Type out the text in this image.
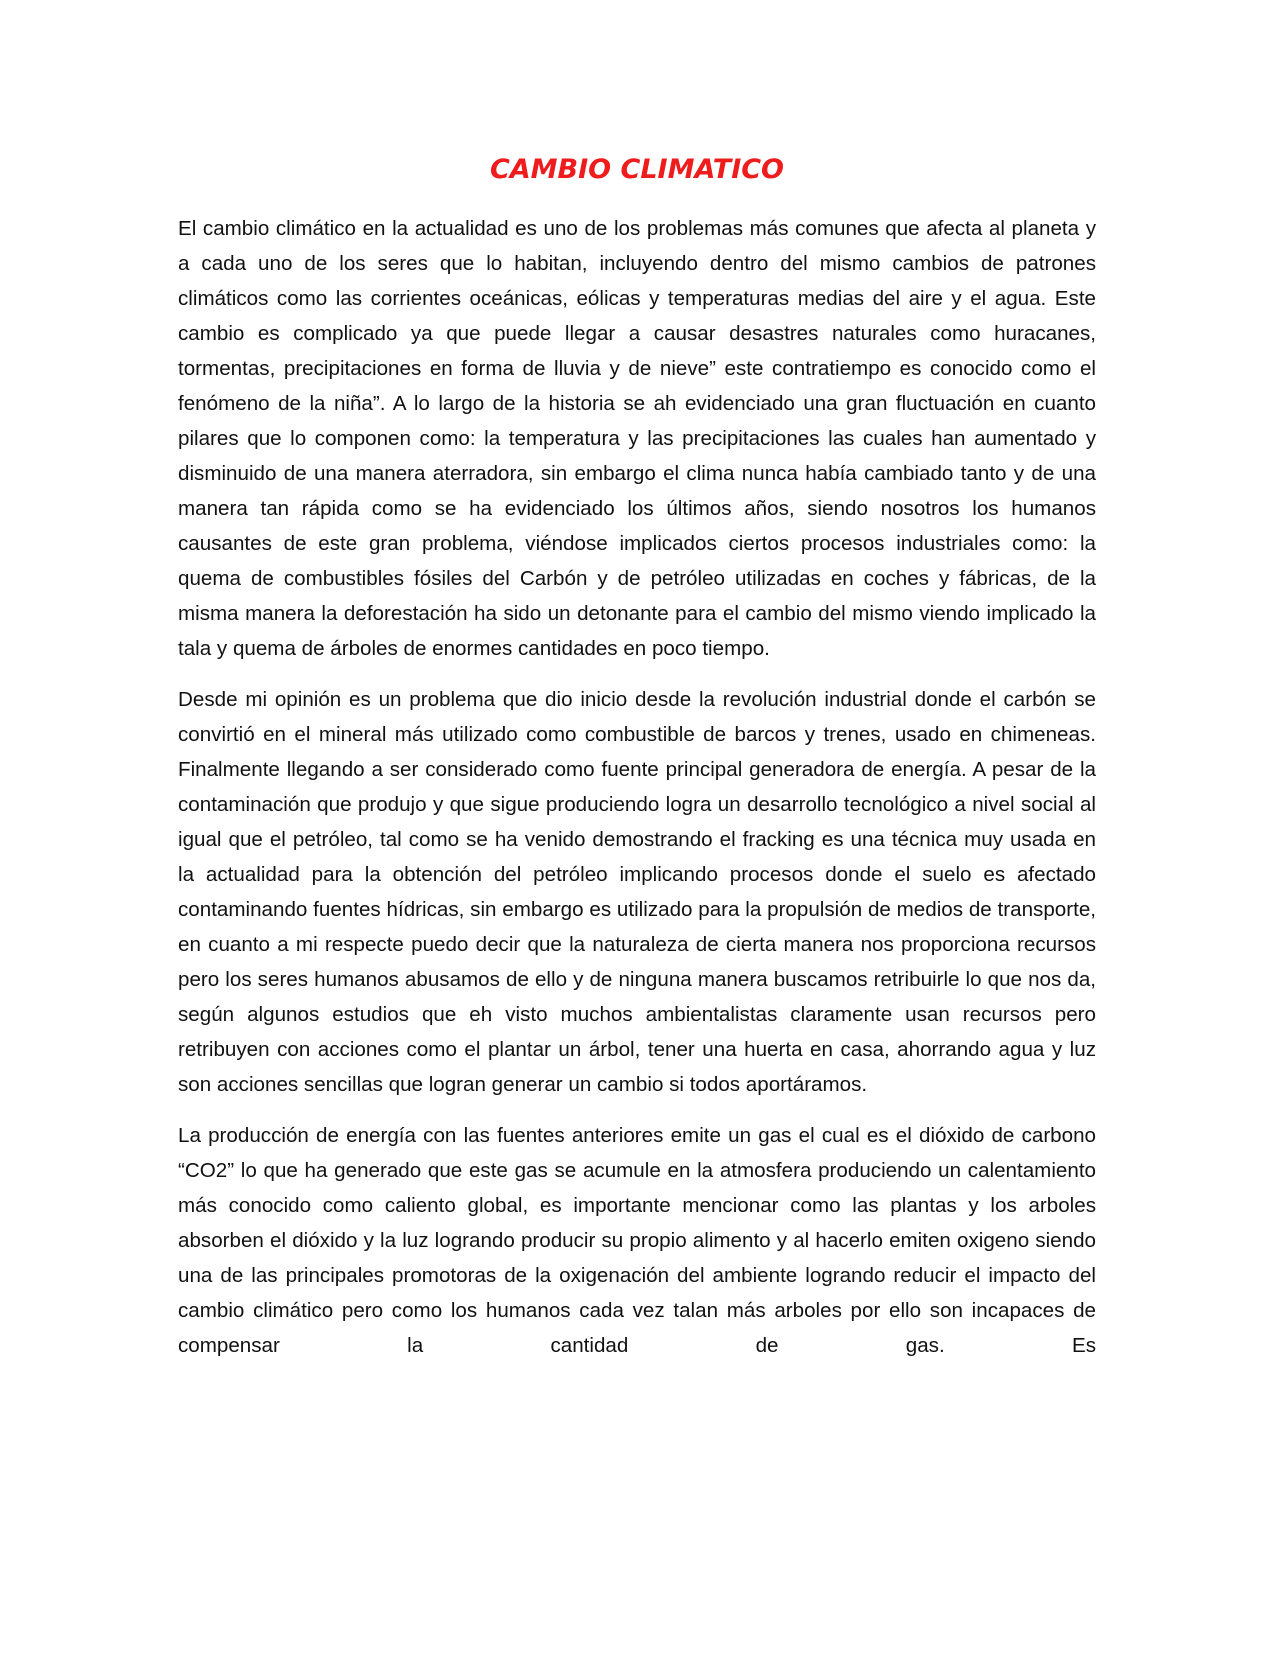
CAMBIO CLIMATICO

El cambio climático en la actualidad es uno de los problemas más comunes que afecta al planeta y a cada uno de los seres que lo habitan, incluyendo dentro del mismo cambios de patrones climáticos como las corrientes oceánicas, eólicas y temperaturas medias del aire y el agua. Este cambio es complicado ya que puede llegar a causar desastres naturales como huracanes, tormentas, precipitaciones en forma de lluvia y de nieve” este contratiempo es conocido como el fenómeno de la niña”. A lo largo de la historia se ah evidenciado una gran fluctuación en cuanto pilares que lo componen como: la temperatura y las precipitaciones las cuales han aumentado y disminuido de una manera aterradora, sin embargo el clima nunca había cambiado tanto y de una manera tan rápida como se ha evidenciado los últimos años, siendo nosotros los humanos causantes de este gran problema, viéndose implicados ciertos procesos industriales como: la quema de combustibles fósiles del Carbón y de petróleo utilizadas en coches y fábricas, de la misma manera la deforestación ha sido un detonante para el cambio del mismo viendo implicado la tala y quema de árboles de enormes cantidades en poco tiempo.

Desde mi opinión es un problema que dio inicio desde la revolución industrial donde el carbón se convirtió en el mineral más utilizado como combustible de barcos y trenes, usado en chimeneas. Finalmente llegando a ser considerado como fuente principal generadora de energía. A pesar de la contaminación que produjo y que sigue produciendo logra un desarrollo tecnológico a nivel social al igual que el petróleo, tal como se ha venido demostrando el fracking es una técnica muy usada en la actualidad para la obtención del petróleo implicando procesos donde el suelo es afectado contaminando fuentes hídricas, sin embargo es utilizado para la propulsión de medios de transporte, en cuanto a mi respecte puedo decir que la naturaleza de cierta manera nos proporciona recursos pero los seres humanos abusamos de ello y de ninguna manera buscamos retribuirle lo que nos da, según algunos estudios que eh visto muchos ambientalistas claramente usan recursos pero retribuyen con acciones como el plantar un árbol, tener una huerta en casa, ahorrando agua y luz son acciones sencillas que logran generar un cambio si todos aportáramos.

La producción de energía con las fuentes anteriores emite un gas el cual es el dióxido de carbono “CO2” lo que ha generado que este gas se acumule en la atmosfera produciendo un calentamiento más conocido como caliento global, es importante mencionar como las plantas y los arboles absorben el dióxido y la luz logrando producir su propio alimento y al hacerlo emiten oxigeno siendo una de las principales promotoras de la oxigenación del ambiente logrando reducir el impacto del cambio climático pero como los humanos cada vez talan más arboles por ello son incapaces de compensar la cantidad de gas. Es
